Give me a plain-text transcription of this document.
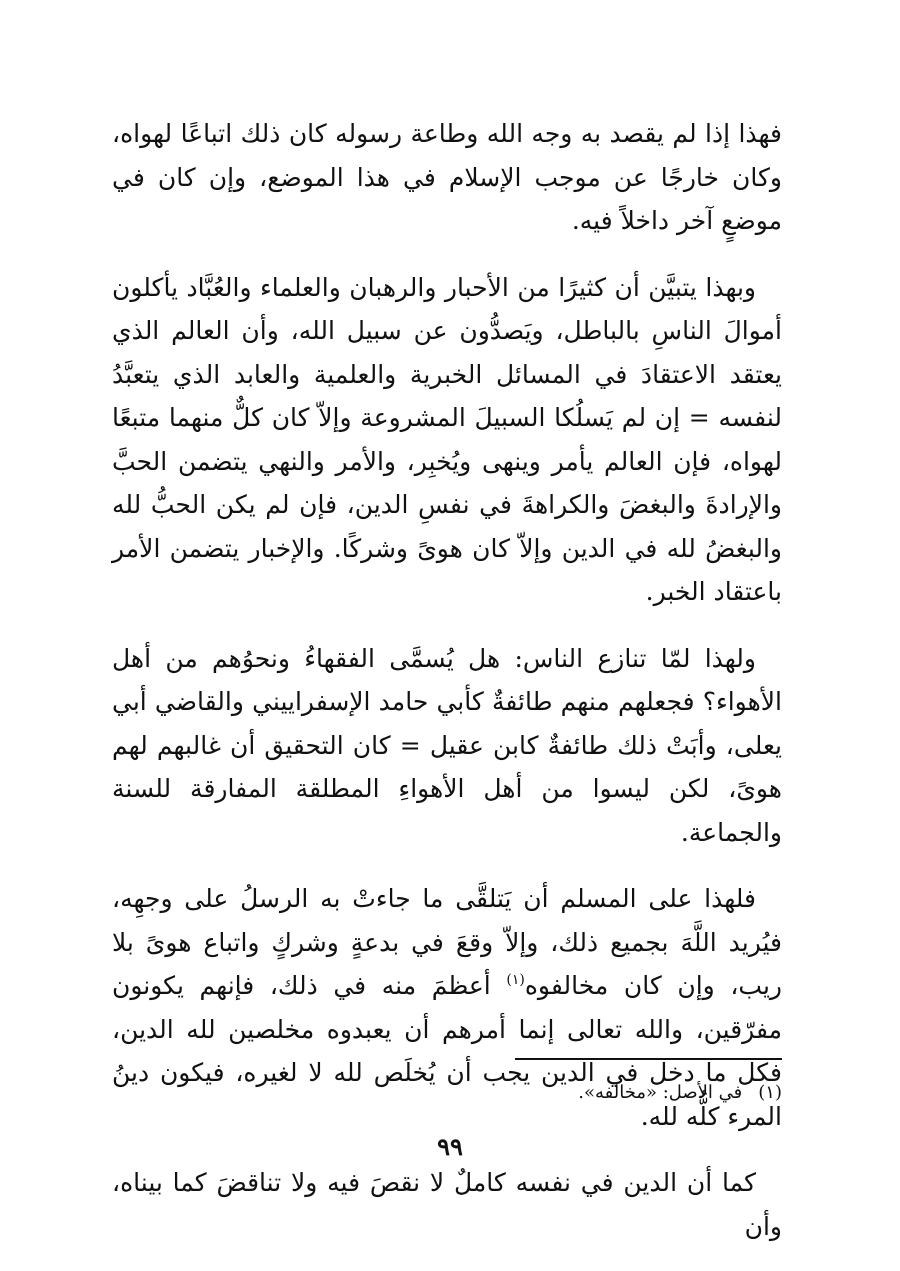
فهذا إذا لم يقصد به وجه الله وطاعة رسوله كان ذلك اتباعًا لهواه، وكان خارجًا عن موجب الإسلام في هذا الموضع، وإن كان في موضعٍ آخر داخلاً فيه.

وبهذا يتبيَّن أن كثيرًا من الأحبار والرهبان والعلماء والعُبَّاد يأكلون أموالَ الناسِ بالباطل، ويَصدُّون عن سبيل الله، وأن العالم الذي يعتقد الاعتقادَ في المسائل الخبرية والعلمية والعابد الذي يتعبَّدُ لنفسه = إن لم يَسلُكا السبيلَ المشروعة وإلاّ كان كلٌّ منهما متبعًا لهواه، فإن العالم يأمر وينهى ويُخبِر، والأمر والنهي يتضمن الحبَّ والإرادةَ والبغضَ والكراهةَ في نفسِ الدين، فإن لم يكن الحبُّ لله والبغضُ لله في الدين وإلاّ كان هوىً وشركًا. والإخبار يتضمن الأمر باعتقاد الخبر.

ولهذا لمّا تنازع الناس: هل يُسمَّى الفقهاءُ ونحوُهم من أهل الأهواء؟ فجعلهم منهم طائفةٌ كأبي حامد الإسفراييني والقاضي أبي يعلى، وأبَتْ ذلك طائفةٌ كابن عقيل = كان التحقيق أن غالبهم لهم هوىً، لكن ليسوا من أهل الأهواءِ المطلقة المفارقة للسنة والجماعة.

فلهذا على المسلم أن يَتلقَّى ما جاءتْ به الرسلُ على وجهِه، فيُريد اللَّهَ بجميع ذلك، وإلاّ وقعَ في بدعةٍ وشركٍ واتباع هوىً بلا ريب، وإن كان مخالفوه$^{(١)}$ أعظمَ منه في ذلك، فإنهم يكونون مفرّقين، والله تعالى إنما أمرهم أن يعبدوه مخلصين لله الدين، فكل ما دخل في الدين يجب أن يُخلَص لله لا لغيره، فيكون دينُ المرء كلُّه لله.

كما أن الدين في نفسه كاملٌ لا نقصَ فيه ولا تناقضَ كما بيناه، وأن

(١)في الأصل: «مخالفه».
٩٩
